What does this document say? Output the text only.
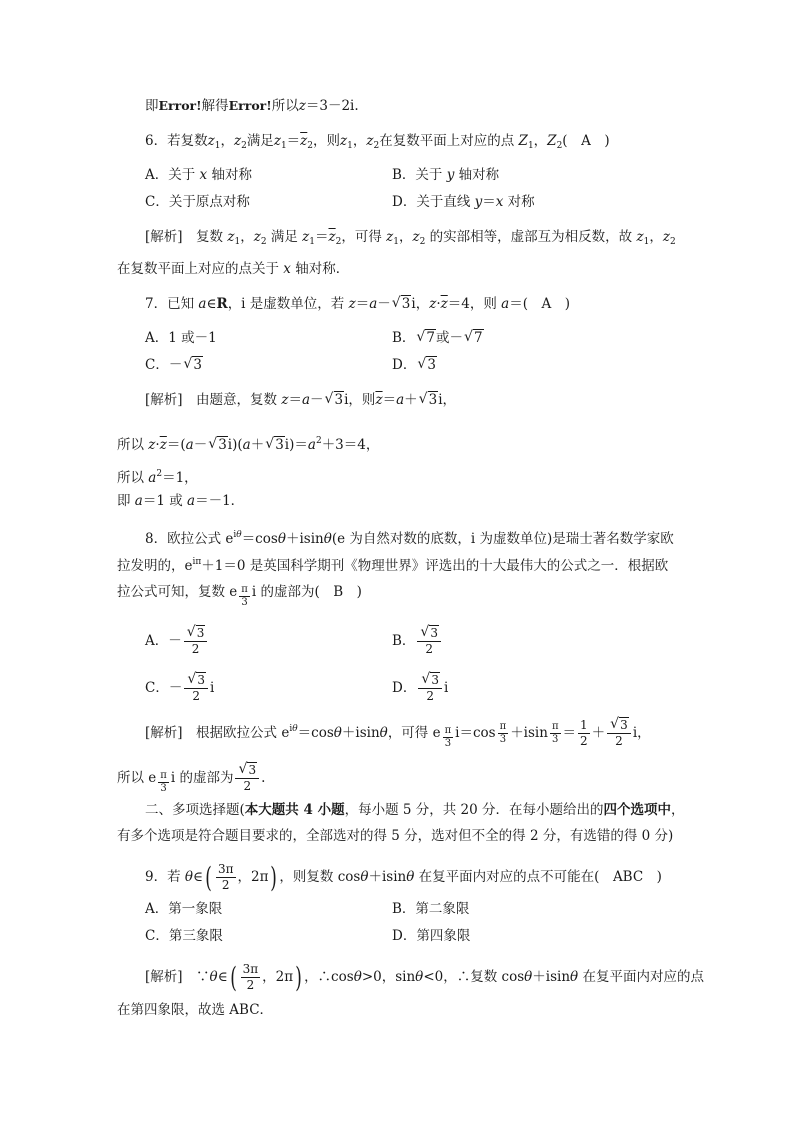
即Error!解得Error!所以z＝3－2i.
6．若复数$z_1$，$z_2$满足$z_1=\overline{z}_2$，则$z_1$，$z_2$在复数平面上对应的点 $Z_1$，$Z_2$(　A　)
A．关于 x 轴对称	B．关于 y 轴对称
C．关于原点对称	D．关于直线 y＝x 对称
[解析]　复数 $z_1$，$z_2$ 满足 $z_1=\overline{z}_2$，可得 $z_1$，$z_2$ 的实部相等，虚部互为相反数，故 $z_1$，$z_2$
在复数平面上对应的点关于 x 轴对称．
7．已知 a∈R，i 是虚数单位，若 z＝a－ √ 3i，$z\cdot\overline{z}=4$，则 a＝(　A　)
A．1 或－1	B． √ 7或－ √ 7
C．－ √ 3	D． √ 3
[解析]　由题意，复数 z＝a－ √ 3i，则$\overline{z}=a+$ √ 3i，
所以 $z\cdot\overline{z}=(a-$ √ 3i)(a＋ √ $3i)=a^2+3=4$，
所以 $a^2=1$，
即 a＝1 或 a＝－1．
8．欧拉公式 $e^{i\theta}=\cos\theta+isin\theta(e$ 为自然对数的底数，i 为虚数单位)是瑞士著名数学家欧
拉发明的，$e^{i\pi}+1=0$ 是英国科学期刊《物理世界》评选出的十大最伟大的公式之一．根据欧
拉公式可知，复数 e $\frac{\pi}{3}$ i 的虚部为(　B　)
A．－ √ $\frac{3}{2}$	B． √ $\frac{3}{2}$
C．－ √ $\frac{3}{2}$ i	D． √ $\frac{3}{2}$ i
[解析]　根据欧拉公式 $e^{i\theta}=\cos\theta+isin\theta$，可得 e $\frac{\pi}{3} i=\cos \frac{\pi}{3} +isin \frac{\pi}{3} = \frac{1}{2}$ ＋ √ $\frac{3}{2}$ i，
所以 e $\frac{\pi}{3}$ i 的虚部为 √ $\frac{3}{2}$ .
二、多项选择题(本大题共 4 小题，每小题 5 分，共 20 分．在每小题给出的四个选项中，
有多个选项是符合题目要求的，全部选对的得 5 分，选对但不全的得 2 分，有选错的得 0 分)
9．若 θ∈( $\frac{3\pi}{2}$ ，2π) ，则复数 cosθ＋isinθ 在复平面内对应的点不可能在(　ABC　)
A．第一象限	B．第二象限
C．第三象限	D．第四象限
[解析]　∵θ∈( $\frac{3\pi}{2}$ ，2π) ，∴cosθ>0，sinθ<0，∴复数 cosθ＋isinθ 在复平面内对应的点
在第四象限，故选 ABC．
